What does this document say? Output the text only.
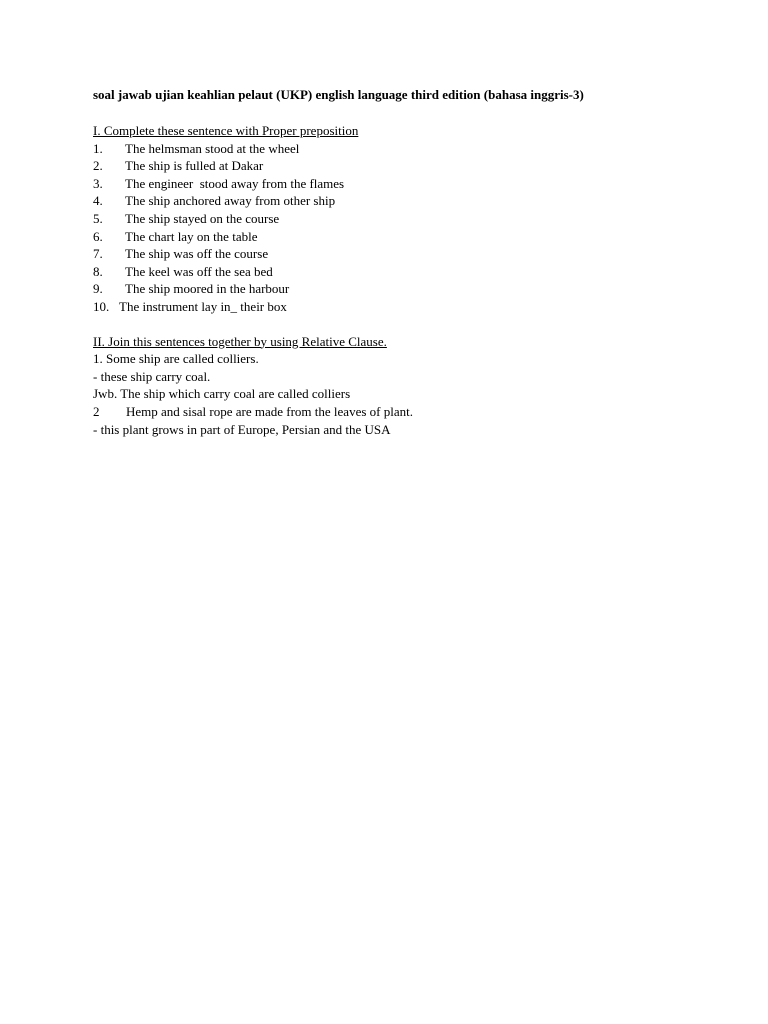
soal jawab ujian keahlian pelaut (UKP) english language third edition (bahasa inggris-3)

I. Complete these sentence with Proper preposition

1.	The helmsman stood at the wheel
2.	The ship is fulled at Dakar
3.	The engineer  stood away from the flames
4.	The ship anchored away from other ship
5.	The ship stayed on the course
6.	The chart lay on the table
7.	The ship was off the course
8.	The keel was off the sea bed
9.	The ship moored in the harbour
10. The instrument lay in_ their box

II. Join this sentences together by using Relative Clause.

1. Some ship are called colliers.

- these ship carry coal.

Jwb. The ship which carry coal are called colliers

2 Hemp and sisal rope are made from the leaves of plant.

- this plant grows in part of Europe, Persian and the USA
